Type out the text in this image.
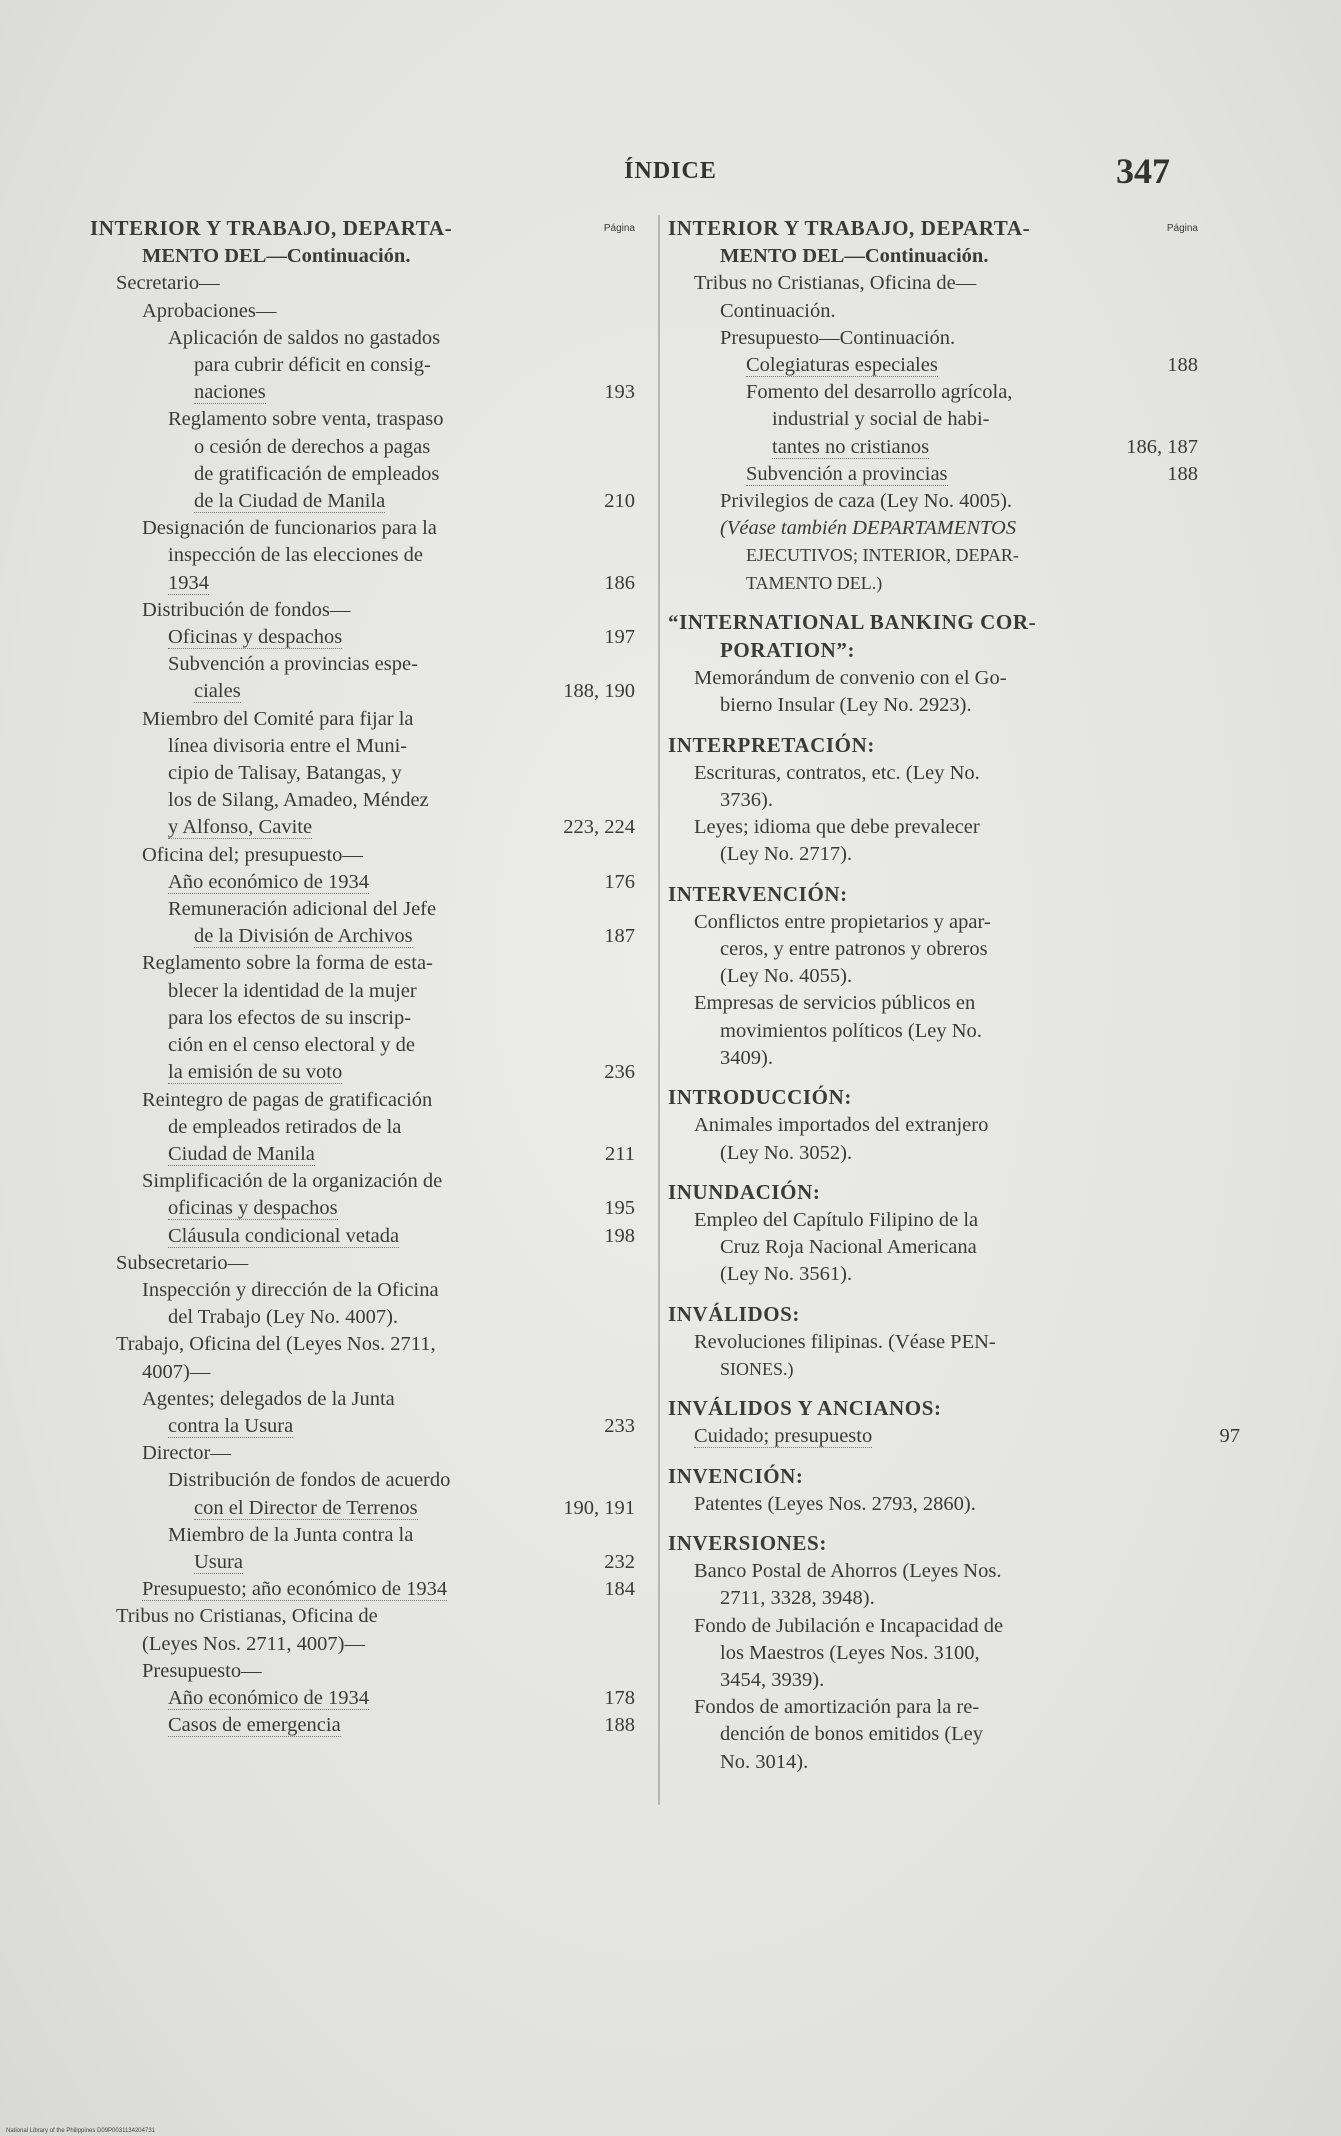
ÍNDICE	347
INTERIOR Y TRABAJO, DEPARTA-	Página
MENTO DEL—Continuación.
Secretario—
Aprobaciones—
Aplicación de saldos no gastados
para cubrir déficit en consig-
naciones	193
Reglamento sobre venta, traspaso
o cesión de derechos a pagas
de gratificación de empleados
de la Ciudad de Manila	210
Designación de funcionarios para la
inspección de las elecciones de
1934	186
Distribución de fondos—
Oficinas y despachos	197
Subvención a provincias espe-
ciales	188, 190
Miembro del Comité para fijar la
línea divisoria entre el Muni-
cipio de Talisay, Batangas, y
los de Silang, Amadeo, Méndez
y Alfonso, Cavite	223, 224
Oficina del; presupuesto—
Año económico de 1934	176
Remuneración adicional del Jefe
de la División de Archivos	187
Reglamento sobre la forma de esta-
blecer la identidad de la mujer
para los efectos de su inscrip-
ción en el censo electoral y de
la emisión de su voto	236
Reintegro de pagas de gratificación
de empleados retirados de la
Ciudad de Manila	211
Simplificación de la organización de
oficinas y despachos	195
Cláusula condicional vetada	198
Subsecretario—
Inspección y dirección de la Oficina
del Trabajo (Ley No. 4007).
Trabajo, Oficina del (Leyes Nos. 2711,
4007)—
Agentes; delegados de la Junta
contra la Usura	233
Director—
Distribución de fondos de acuerdo
con el Director de Terrenos	190, 191
Miembro de la Junta contra la
Usura	232
Presupuesto; año económico de 1934	184
Tribus no Cristianas, Oficina de
(Leyes Nos. 2711, 4007)—
Presupuesto—
Año económico de 1934	178
Casos de emergencia	188
INTERIOR Y TRABAJO, DEPARTA-	Página
MENTO DEL—Continuación.
Tribus no Cristianas, Oficina de—
Continuación.
Presupuesto—Continuación.
Colegiaturas especiales	188
Fomento del desarrollo agrícola,
industrial y social de habi-
tantes no cristianos	186, 187
Subvención a provincias	188
Privilegios de caza (Ley No. 4005).
(Véase también DEPARTAMENTOS
EJECUTIVOS; INTERIOR, DEPAR-
TAMENTO DEL.)
“INTERNATIONAL BANKING COR-
PORATION”:
Memorándum de convenio con el Go-
bierno Insular (Ley No. 2923).
INTERPRETACIÓN:
Escrituras, contratos, etc. (Ley No.
3736).
Leyes; idioma que debe prevalecer
(Ley No. 2717).
INTERVENCIÓN:
Conflictos entre propietarios y apar-
ceros, y entre patronos y obreros
(Ley No. 4055).
Empresas de servicios públicos en
movimientos políticos (Ley No.
3409).
INTRODUCCIÓN:
Animales importados del extranjero
(Ley No. 3052).
INUNDACIÓN:
Empleo del Capítulo Filipino de la
Cruz Roja Nacional Americana
(Ley No. 3561).
INVÁLIDOS:
Revoluciones filipinas. (Véase PEN-
SIONES.)
INVÁLIDOS Y ANCIANOS:
Cuidado; presupuesto	97
INVENCIÓN:
Patentes (Leyes Nos. 2793, 2860).
INVERSIONES:
Banco Postal de Ahorros (Leyes Nos.
2711, 3328, 3948).
Fondo de Jubilación e Incapacidad de
los Maestros (Leyes Nos. 3100,
3454, 3939).
Fondos de amortización para la re-
dención de bonos emitidos (Ley
No. 3014).
National Library of the Philippines D09P0031134204731
